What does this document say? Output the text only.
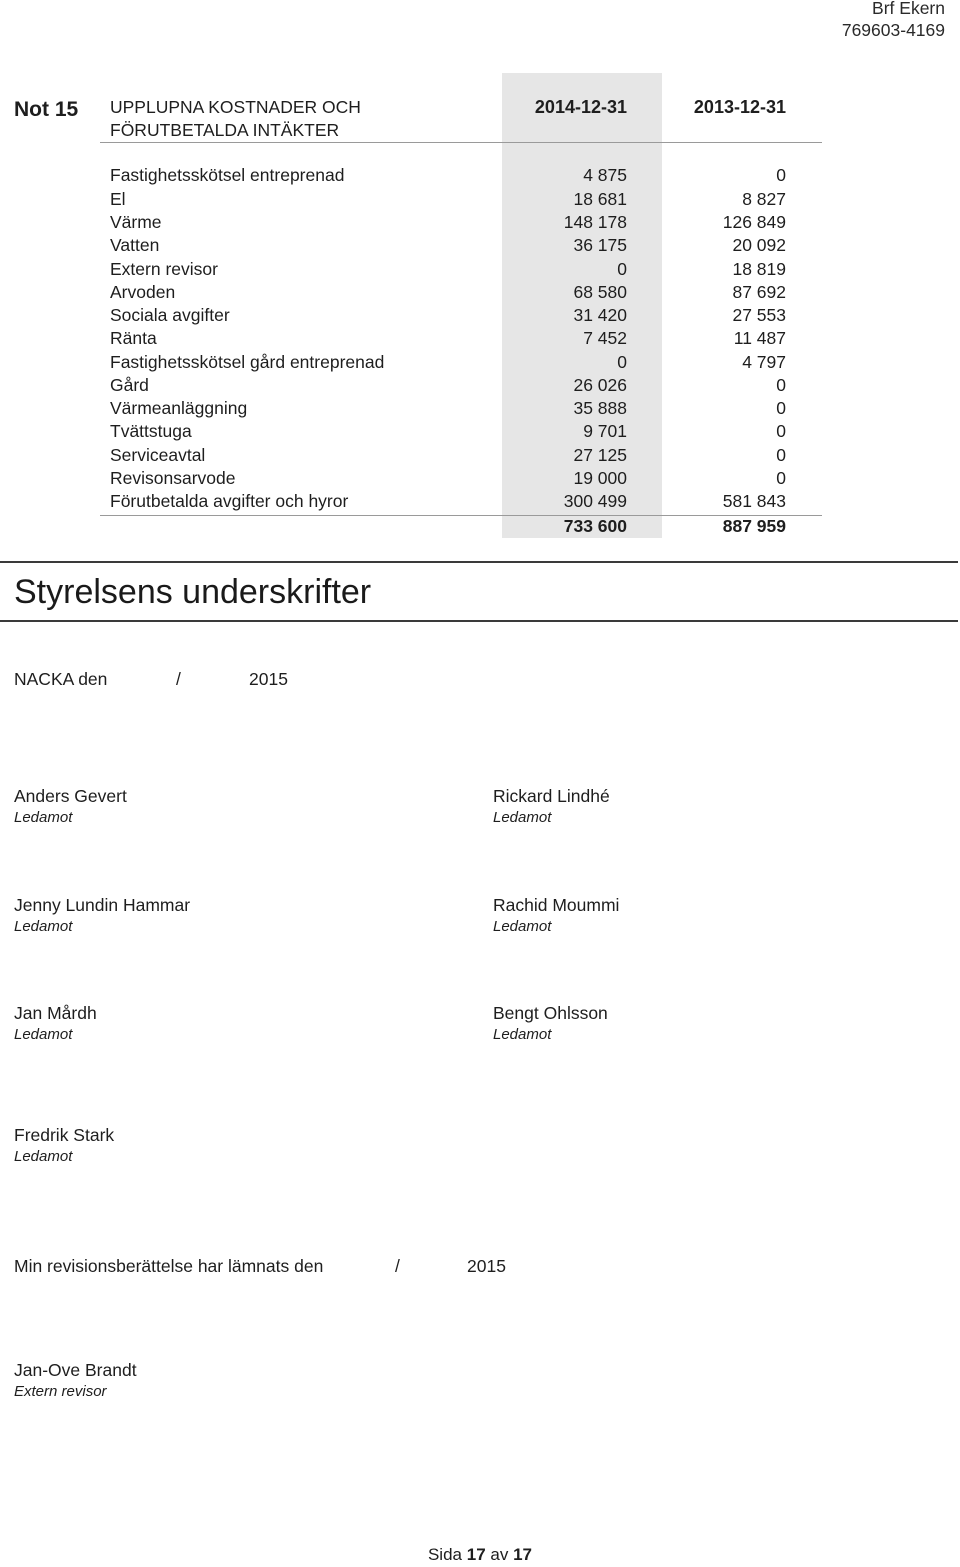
Brf Ekern
769603-4169
Not 15 UPPLUPNA KOSTNADER OCH
FÖRUTBETALDA INTÄKTER
2014-12-31	2013-12-31
Fastighetsskötsel entreprenad	4 875	0
El	18 681	8 827
Värme	148 178	126 849
Vatten	36 175	20 092
Extern revisor	0	18 819
Arvoden	68 580	87 692
Sociala avgifter	31 420	27 553
Ränta	7 452	11 487
Fastighetsskötsel gård entreprenad	0	4 797
Gård	26 026	0
Värmeanläggning	35 888	0
Tvättstuga	9 701	0
Serviceavtal	27 125	0
Revisonsarvode	19 000	0
Förutbetalda avgifter och hyror	300 499	581 843
733 600	887 959
Styrelsens underskrifter
NACKA den	/	2015
Anders Gevert
Ledamot
Rickard Lindhé
Ledamot
Jenny Lundin Hammar
Ledamot
Rachid Moummi
Ledamot
Jan Mårdh
Ledamot
Bengt Ohlsson
Ledamot
Fredrik Stark
Ledamot
Min revisionsberättelse har lämnats den	/	2015
Jan-Ove Brandt
Extern revisor
Sida 17 av 17
